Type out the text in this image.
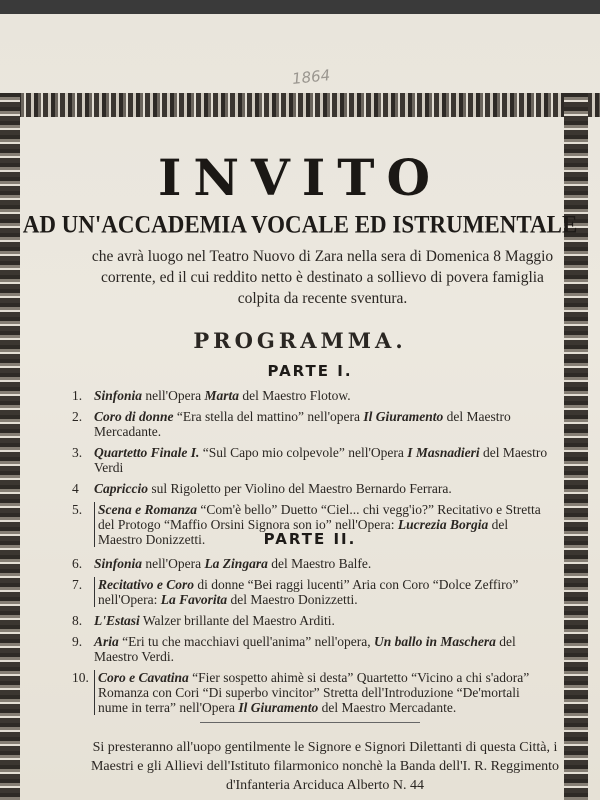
1864
INVITO
AD UN'ACCADEMIA VOCALE ED ISTRUMENTALE
che avrà luogo nel Teatro Nuovo di Zara nella sera di Domenica 8 Maggio corrente, ed il cui reddito netto è destinato a sollievo di povera famiglia colpita da recente sventura.
PROGRAMMA.
PARTE I.
1. Sinfonia nell'Opera Marta del Maestro Flotow.
2. Coro di donne “Era stella del mattino” nell'opera Il Giuramento del Maestro Mercadante.
3. Quartetto Finale I. “Sul Capo mio colpevole” nell'Opera I Masnadieri del Maestro Verdi
4	Capriccio sul Rigoletto per Violino del Maestro Bernardo Ferrara.
5.	Scena e Romanza “Com'è bello” Duetto “Ciel... chi vegg'io?” Recitativo e Stretta del Protogo “Maffio Orsini Signora son io” nell'Opera: Lucrezia Borgia del Maestro Donizzetti.	PARTE II.
6. Sinfonia nell'Opera La Zingara del Maestro Balfe.
7.	Recitativo e Coro di donne “Bei raggi lucenti” Aria con Coro “Dolce Zeffiro” nell'Opera: La Favorita del Maestro Donizzetti.
8. L'Estasi Walzer brillante del Maestro Arditi.
9. Aria “Eri tu che macchiavi quell'anima” nell'opera, Un ballo in Maschera del Maestro Verdi.
10. Coro e Cavatina “Fier sospetto ahimè si desta” Quartetto “Vicino a chi s'adora” Romanza con Cori “Di superbo vincitor” Stretta dell'Introduzione “De'mortali nume in terra” nell'Opera Il Giuramento del Maestro Mercadante.
Si presteranno all'uopo gentilmente le Signore e Signori Dilettanti di questa Città, i Maestri e gli Allievi dell'Istituto filarmonico nonchè la Banda dell'I. R. Reggimento d'Infanteria Arciduca Alberto N. 44
